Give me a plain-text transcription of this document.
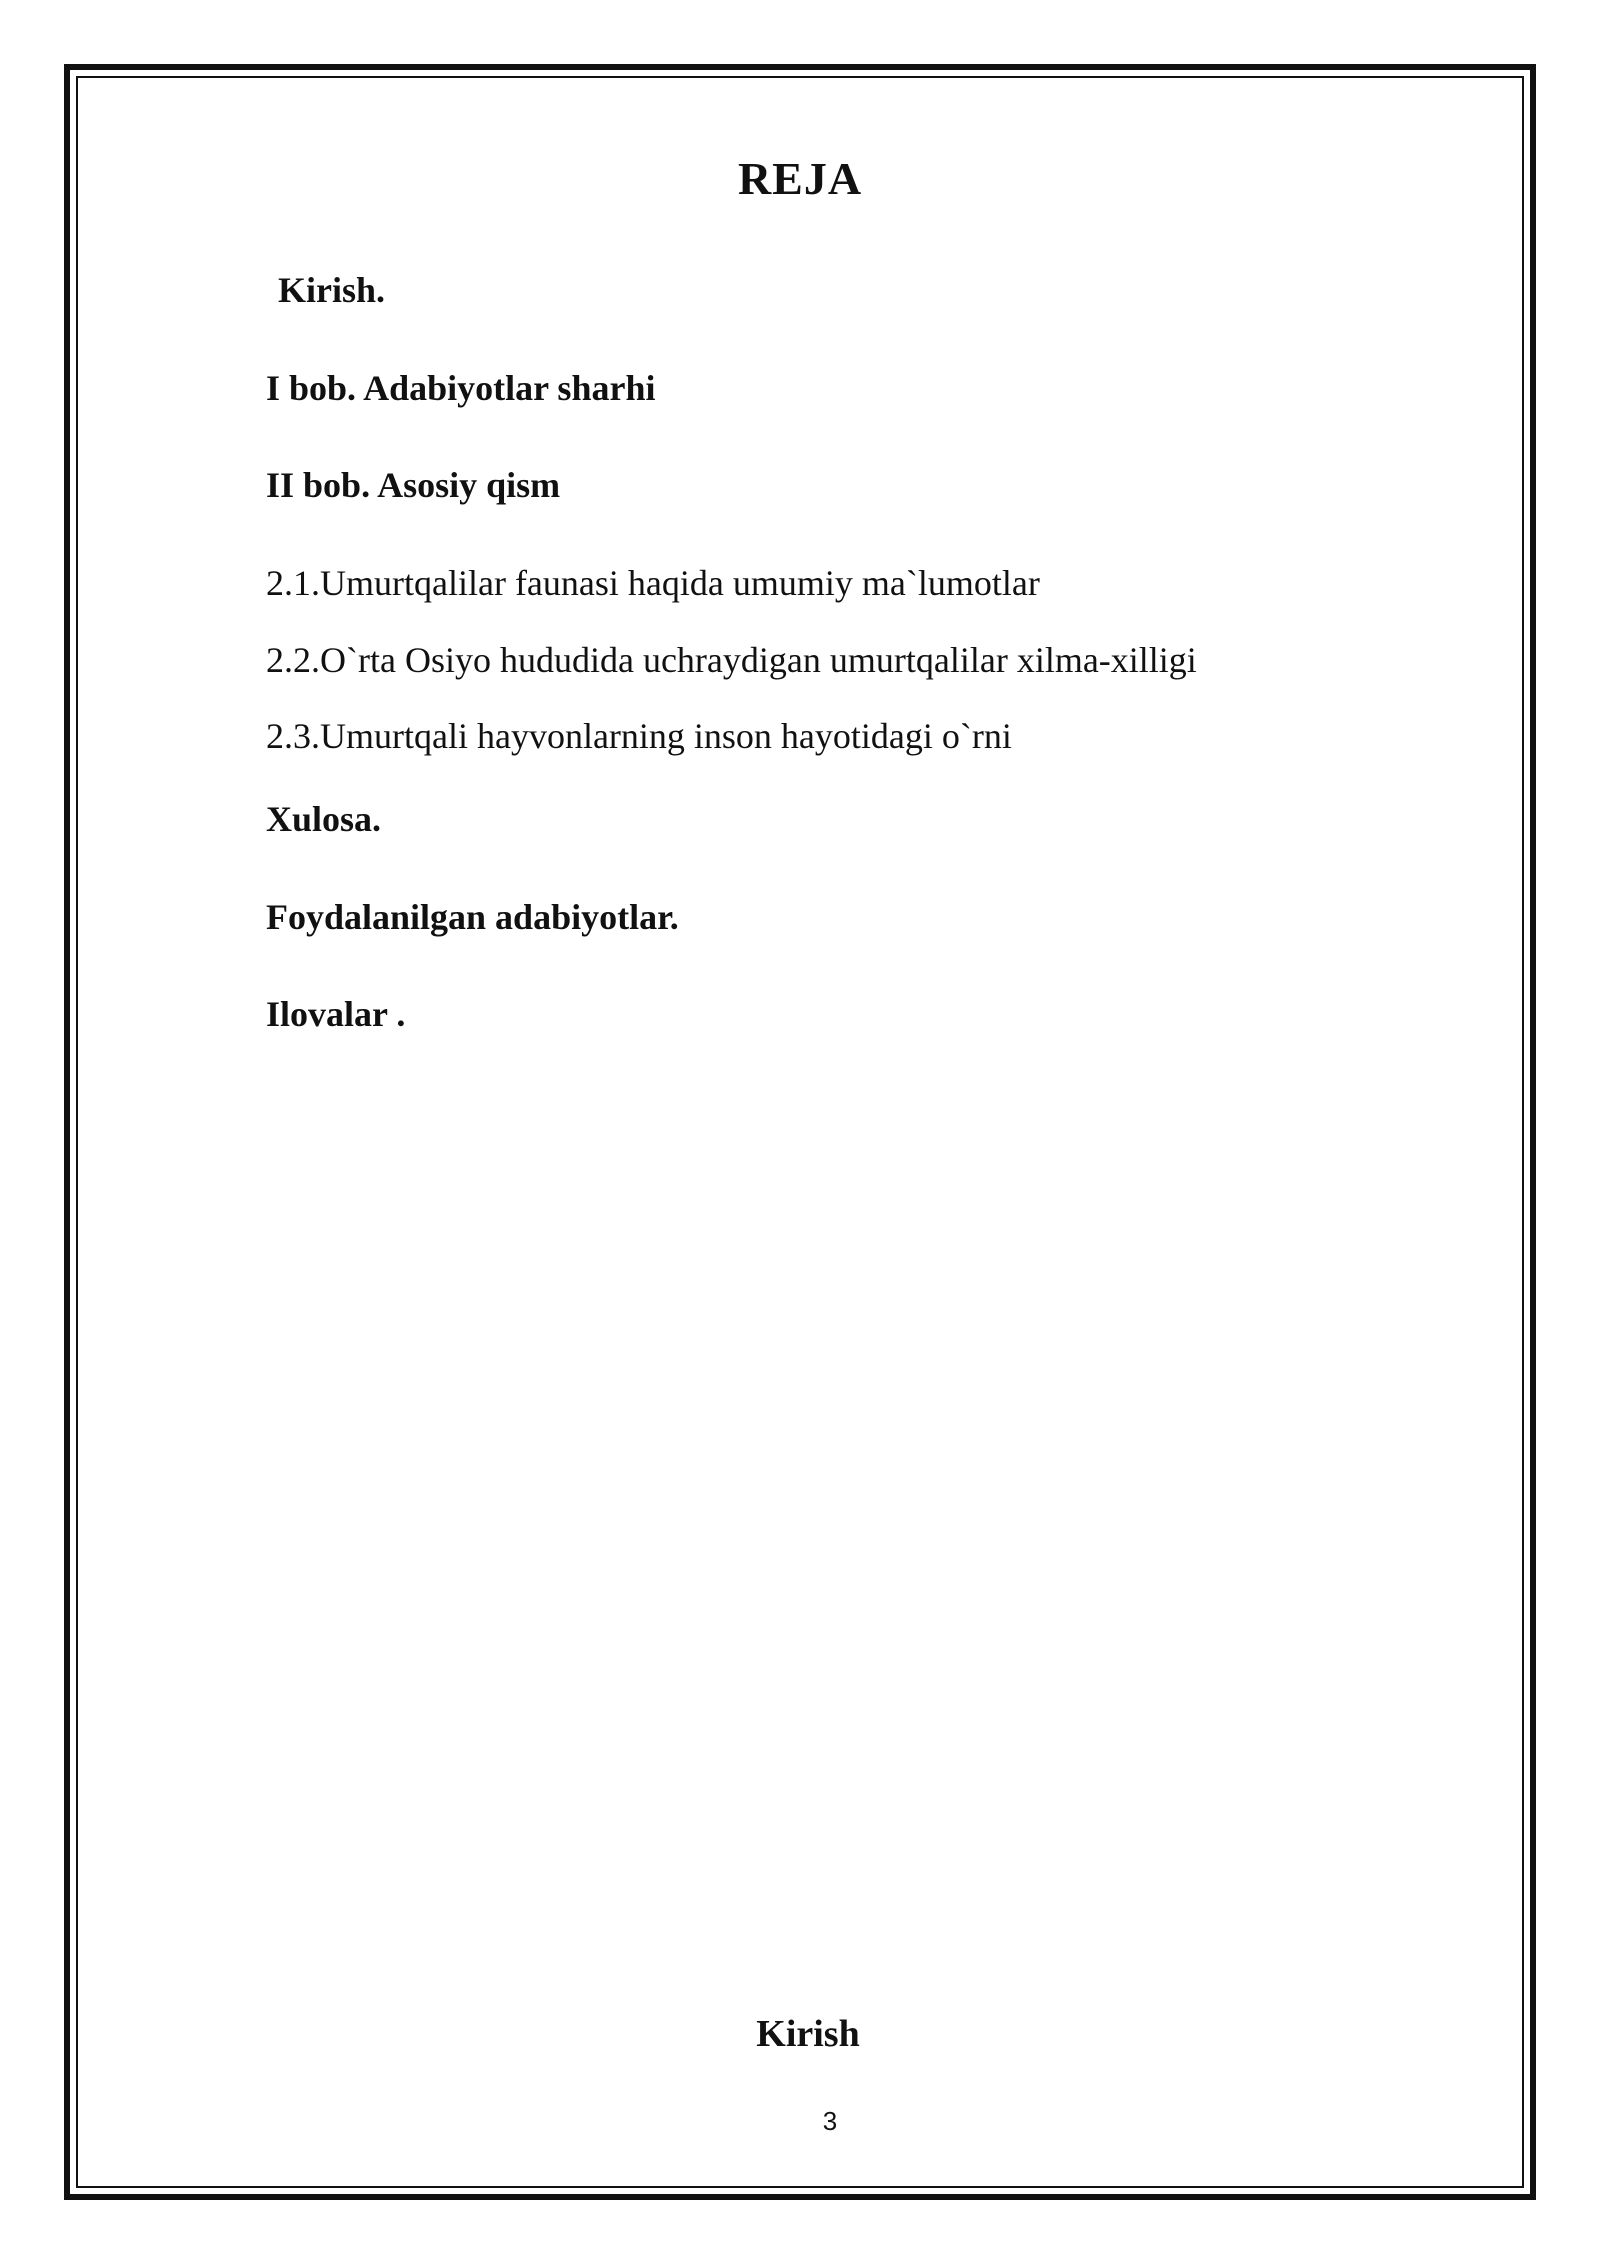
REJA
Kirish.
I bob. Adabiyotlar sharhi
II bob. Asosiy qism
2.1.Umurtqalilar faunasi haqida umumiy ma`lumotlar
2.2.O`rta Osiyo hududida uchraydigan umurtqalilar xilma-xilligi
2.3.Umurtqali hayvonlarning inson hayotidagi o`rni
Xulosa.
Foydalanilgan adabiyotlar.
Ilovalar .
Kirish
3
